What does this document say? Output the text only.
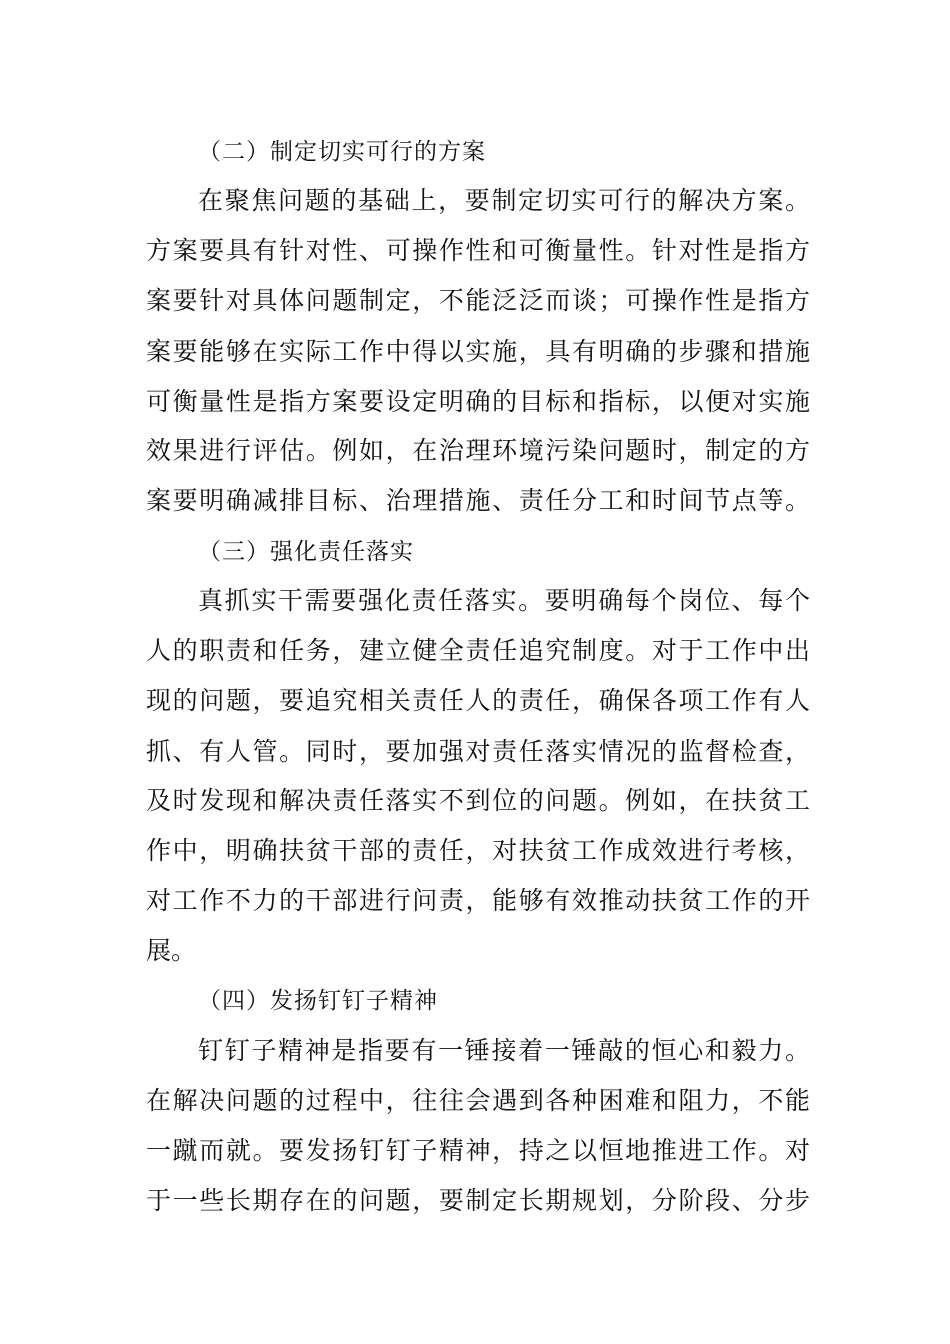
（二）制定切实可行的方案
在聚焦问题的基础上，要制定切实可行的解决方案。
方案要具有针对性、可操作性和可衡量性。针对性是指方
案要针对具体问题制定，不能泛泛而谈；可操作性是指方
案要能够在实际工作中得以实施，具有明确的步骤和措施
可衡量性是指方案要设定明确的目标和指标，以便对实施
效果进行评估。例如，在治理环境污染问题时，制定的方
案要明确减排目标、治理措施、责任分工和时间节点等。
（三）强化责任落实
真抓实干需要强化责任落实。要明确每个岗位、每个
人的职责和任务，建立健全责任追究制度。对于工作中出
现的问题，要追究相关责任人的责任，确保各项工作有人
抓、有人管。同时，要加强对责任落实情况的监督检查，
及时发现和解决责任落实不到位的问题。例如，在扶贫工
作中，明确扶贫干部的责任，对扶贫工作成效进行考核，
对工作不力的干部进行问责，能够有效推动扶贫工作的开
展。
（四）发扬钉钉子精神
钉钉子精神是指要有一锤接着一锤敲的恒心和毅力。
在解决问题的过程中，往往会遇到各种困难和阻力，不能
一蹴而就。要发扬钉钉子精神，持之以恒地推进工作。对
于一些长期存在的问题，要制定长期规划，分阶段、分步
